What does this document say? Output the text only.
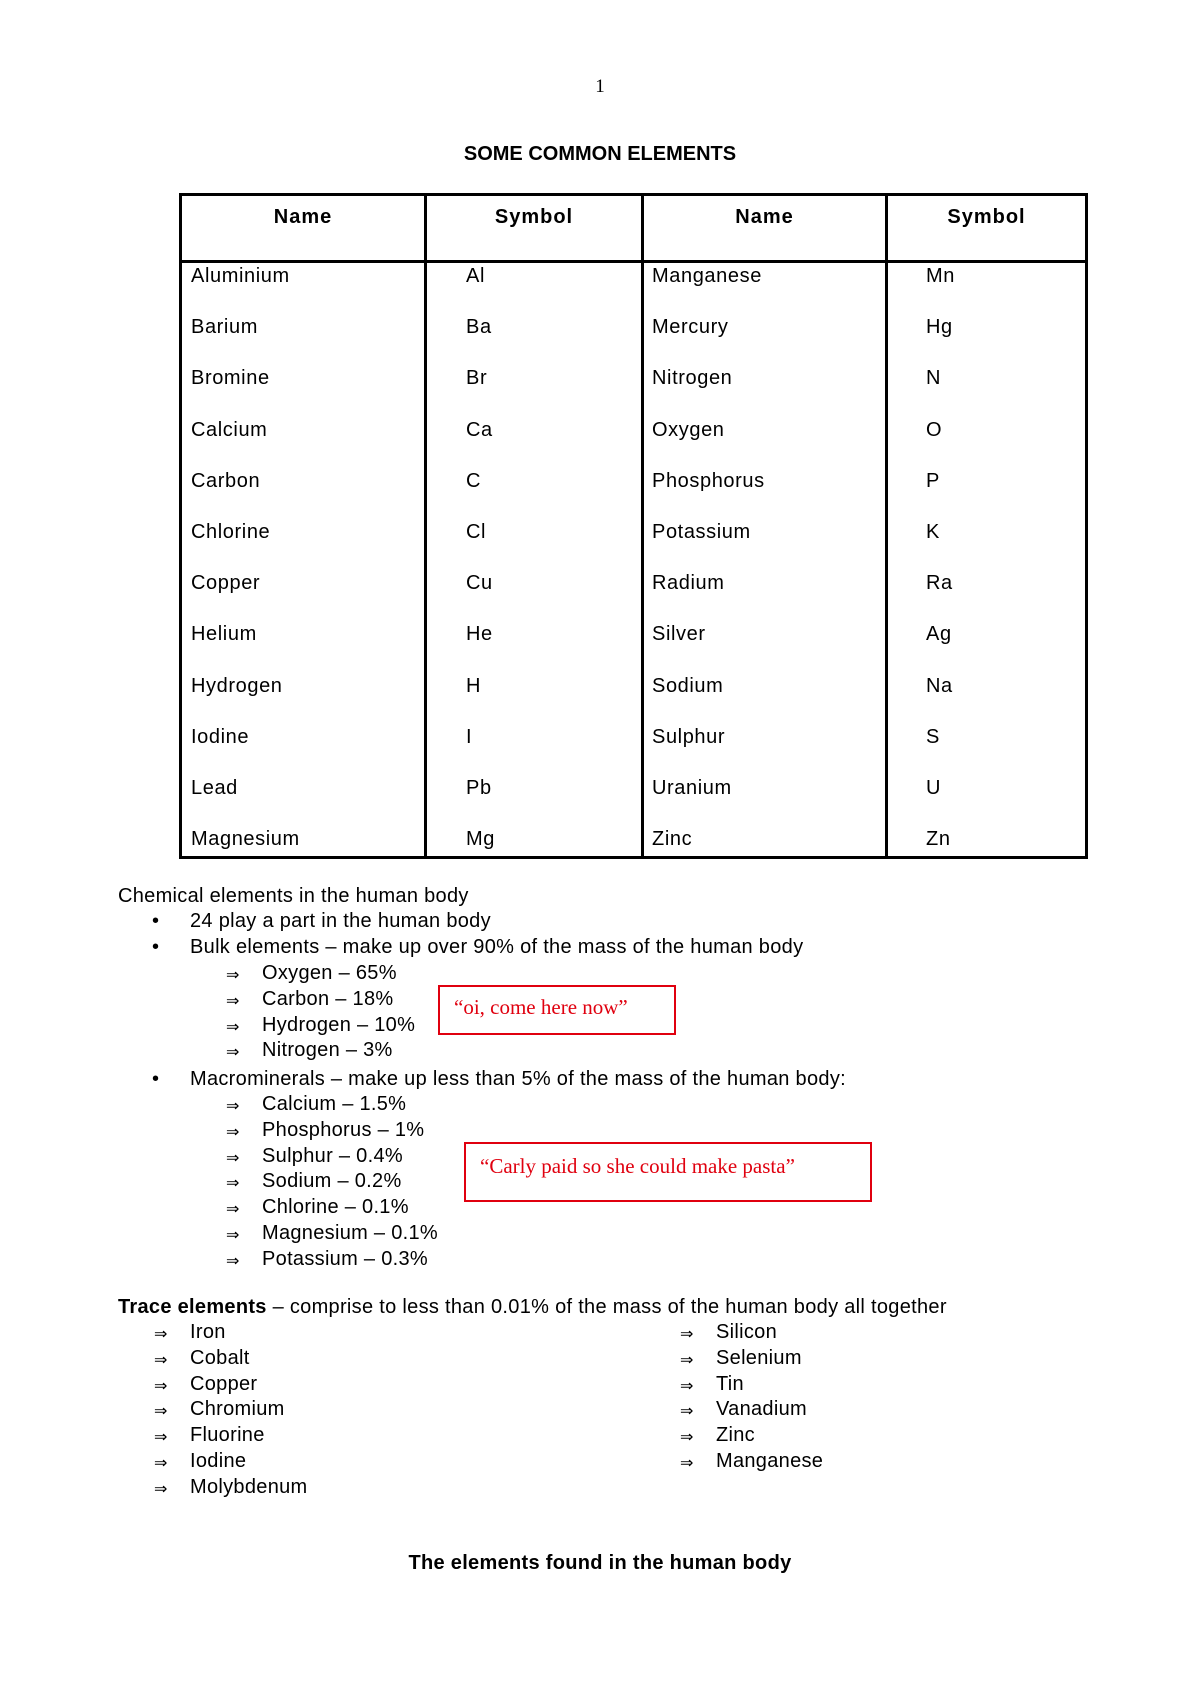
1
SOME COMMON ELEMENTS
Name	Symbol	Name	Symbol
Aluminium	Al	Manganese	Mn
Barium	Ba	Mercury	Hg
Bromine	Br	Nitrogen	N
Calcium	Ca	Oxygen	O
Carbon	C	Phosphorus	P
Chlorine	Cl	Potassium	K
Copper	Cu	Radium	Ra
Helium	He	Silver	Ag
Hydrogen	H	Sodium	Na
Iodine	I	Sulphur	S
Lead	Pb	Uranium	U
Magnesium	Mg	Zinc	Zn
Chemical elements in the human body
• 24 play a part in the human body
• Bulk elements – make up over 90% of the mass of the human body
⇒ Oxygen – 65%
⇒ Carbon – 18%
⇒ Hydrogen – 10%
⇒ Nitrogen – 3%
• Macrominerals – make up less than 5% of the mass of the human body:
⇒ Calcium – 1.5%
⇒ Phosphorus – 1%
⇒ Sulphur – 0.4%
⇒ Sodium – 0.2%
⇒ Chlorine – 0.1%
⇒ Magnesium – 0.1%
⇒ Potassium – 0.3%
“oi, come here now”
“Carly paid so she could make pasta”
Trace elements – comprise to less than 0.01% of the mass of the human body all together
⇒ Iron
⇒ Cobalt
⇒ Copper
⇒ Chromium
⇒ Fluorine
⇒ Iodine
⇒ Molybdenum
⇒ Silicon
⇒ Selenium
⇒ Tin
⇒ Vanadium
⇒ Zinc
⇒ Manganese
The elements found in the human body
